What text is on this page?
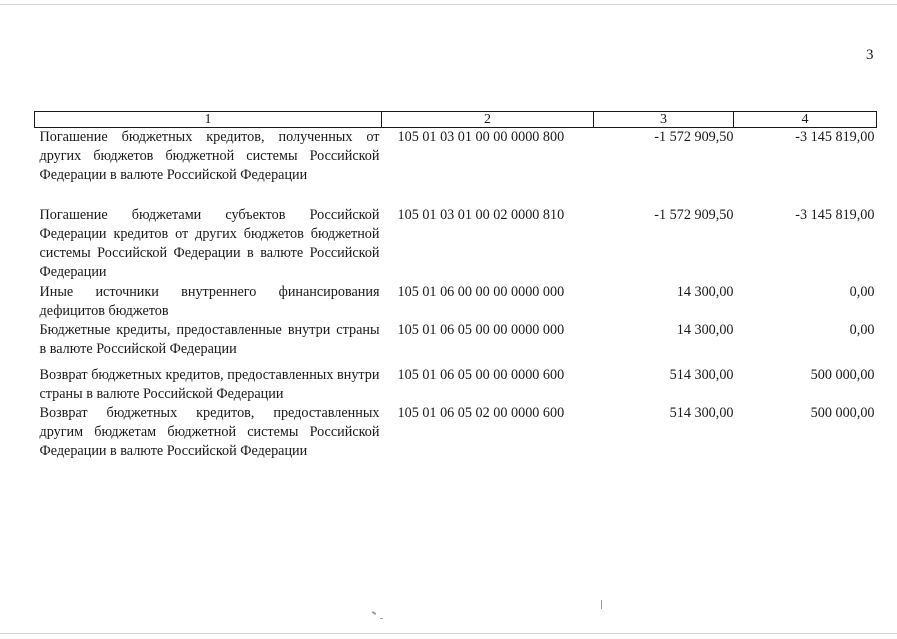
3
1	2	3	4
Погашение бюджетных кредитов, полученных от других бюджетов бюджетной системы Российской Федерации в валюте Российской Федерации	105 01 03 01 00 00 0000 800	-1 572 909,50	-3 145 819,00
Погашение бюджетами субъектов Российской Федерации кредитов от других бюджетов бюджетной системы Российской Федерации в валюте Российской Федерации	105 01 03 01 00 02 0000 810	-1 572 909,50	-3 145 819,00
Иные источники внутреннего финансирования дефицитов бюджетов	105 01 06 00 00 00 0000 000	14 300,00	0,00
Бюджетные кредиты, предоставленные внутри страны в валюте Российской Федерации	105 01 06 05 00 00 0000 000	14 300,00	0,00
Возврат бюджетных кредитов, предоставленных внутри страны в валюте Российской Федерации	105 01 06 05 00 00 0000 600	514 300,00	500 000,00
Возврат бюджетных кредитов, предоставленных другим бюджетам бюджетной системы Российской Федерации в валюте Российской Федерации	105 01 06 05 02 00 0000 600	514 300,00	500 000,00
